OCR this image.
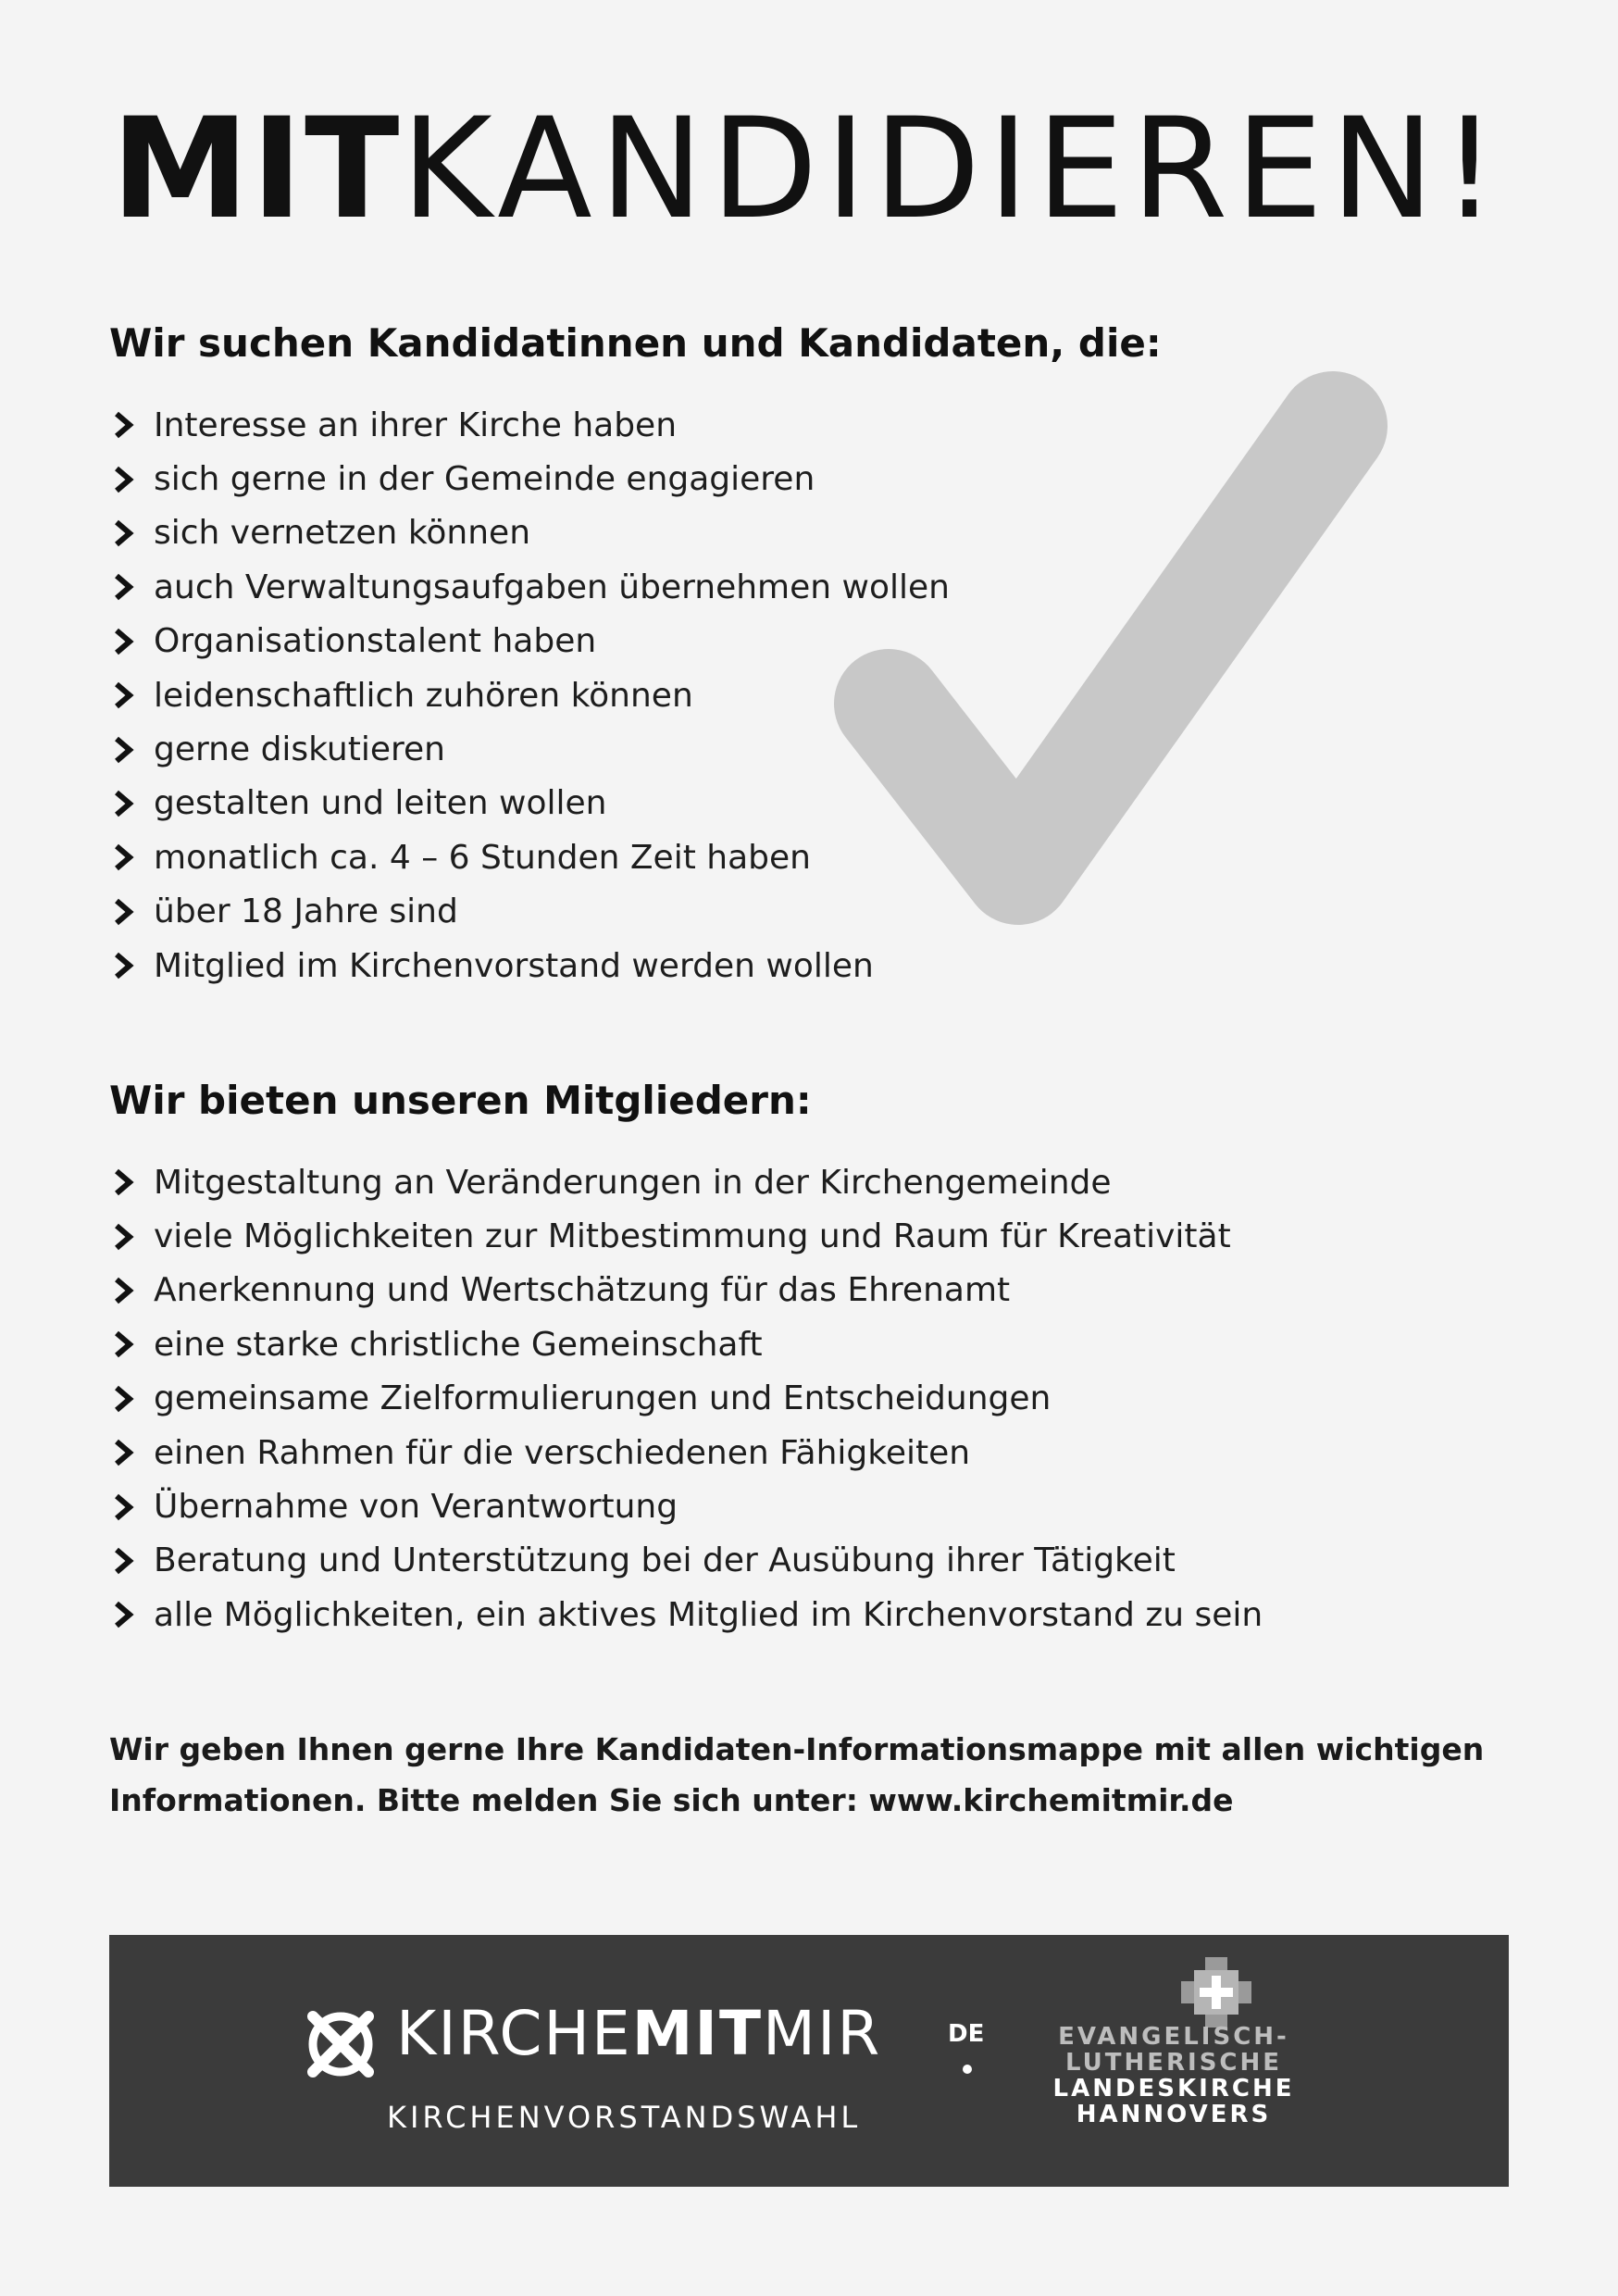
MITKANDIDIEREN!
Wir suchen Kandidatinnen und Kandidaten, die:
Interesse an ihrer Kirche haben
sich gerne in der Gemeinde engagieren
sich vernetzen können
auch Verwaltungsaufgaben übernehmen wollen
Organisationstalent haben
leidenschaftlich zuhören können
gerne diskutieren
gestalten und leiten wollen
monatlich ca. 4 – 6 Stunden Zeit haben
über 18 Jahre sind
Mitglied im Kirchenvorstand werden wollen
Wir bieten unseren Mitgliedern:
Mitgestaltung an Veränderungen in der Kirchengemeinde
viele Möglichkeiten zur Mitbestimmung und Raum für Kreativität
Anerkennung und Wertschätzung für das Ehrenamt
eine starke christliche Gemeinschaft
gemeinsame Zielformulierungen und Entscheidungen
einen Rahmen für die verschiedenen Fähigkeiten
Übernahme von Verantwortung
Beratung und Unterstützung bei der Ausübung ihrer Tätigkeit
alle Möglichkeiten, ein aktives Mitglied im Kirchenvorstand zu sein

Wir geben Ihnen gerne Ihre Kandidaten-Informationsmappe mit allen wichtigen
Informationen. Bitte melden Sie sich unter: www.kirchemitmir.de

KIRCHEMITMIR	DE
KIRCHENVORSTANDSWAHL
EVANGELISCH-
LUTHERISCHE
LANDESKIRCHE
HANNOVERS
